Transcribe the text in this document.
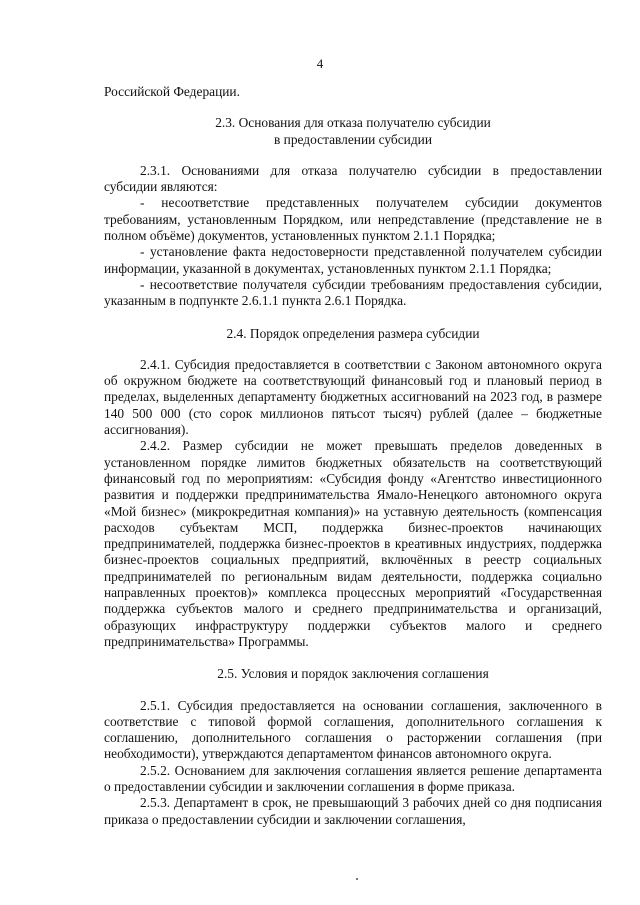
4

Российской Федерации.

2.3. Основания для отказа получателю субсидии
в предоставлении субсидии

2.3.1. Основаниями для отказа получателю субсидии в предоставлении субсидии являются:

- несоответствие представленных получателем субсидии документов требованиям, установленным Порядком, или непредставление (представление не в полном объёме) документов, установленных пунктом 2.1.1 Порядка;

- установление факта недостоверности представленной получателем субсидии информации, указанной в документах, установленных пунктом 2.1.1 Порядка;

- несоответствие получателя субсидии требованиям предоставления субсидии, указанным в подпункте 2.6.1.1 пункта 2.6.1 Порядка.

2.4. Порядок определения размера субсидии

2.4.1. Субсидия предоставляется в соответствии с Законом автономного округа об окружном бюджете на соответствующий финансовый год и плановый период в пределах, выделенных департаменту бюджетных ассигнований на 2023 год, в размере 140 500 000 (сто сорок миллионов пятьсот тысяч) рублей (далее – бюджетные ассигнования).

2.4.2. Размер субсидии не может превышать пределов доведенных в установленном порядке лимитов бюджетных обязательств на соответствующий финансовый год по мероприятиям: «Субсидия фонду «Агентство инвестиционного развития и поддержки предпринимательства Ямало-Ненецкого автономного округа «Мой бизнес» (микрокредитная компания)» на уставную деятельность (компенсация расходов субъектам МСП, поддержка бизнес-проектов начинающих предпринимателей, поддержка бизнес-проектов в креативных индустриях, поддержка бизнес-проектов социальных предприятий, включённых в реестр социальных предпринимателей по региональным видам деятельности, поддержка социально направленных проектов)» комплекса процессных мероприятий «Государственная поддержка субъектов малого и среднего предпринимательства и организаций, образующих инфраструктуру поддержки субъектов малого и среднего предпринимательства» Программы.

2.5. Условия и порядок заключения соглашения

2.5.1. Субсидия предоставляется на основании соглашения, заключенного в соответствие с типовой формой соглашения, дополнительного соглашения к соглашению, дополнительного соглашения о расторжении соглашения (при необходимости), утверждаются департаментом финансов автономного округа.

2.5.2. Основанием для заключения соглашения является решение департамента о предоставлении субсидии и заключении соглашения в форме приказа.

2.5.3. Департамент в срок, не превышающий 3 рабочих дней со дня подписания приказа о предоставлении субсидии и заключении соглашения,
